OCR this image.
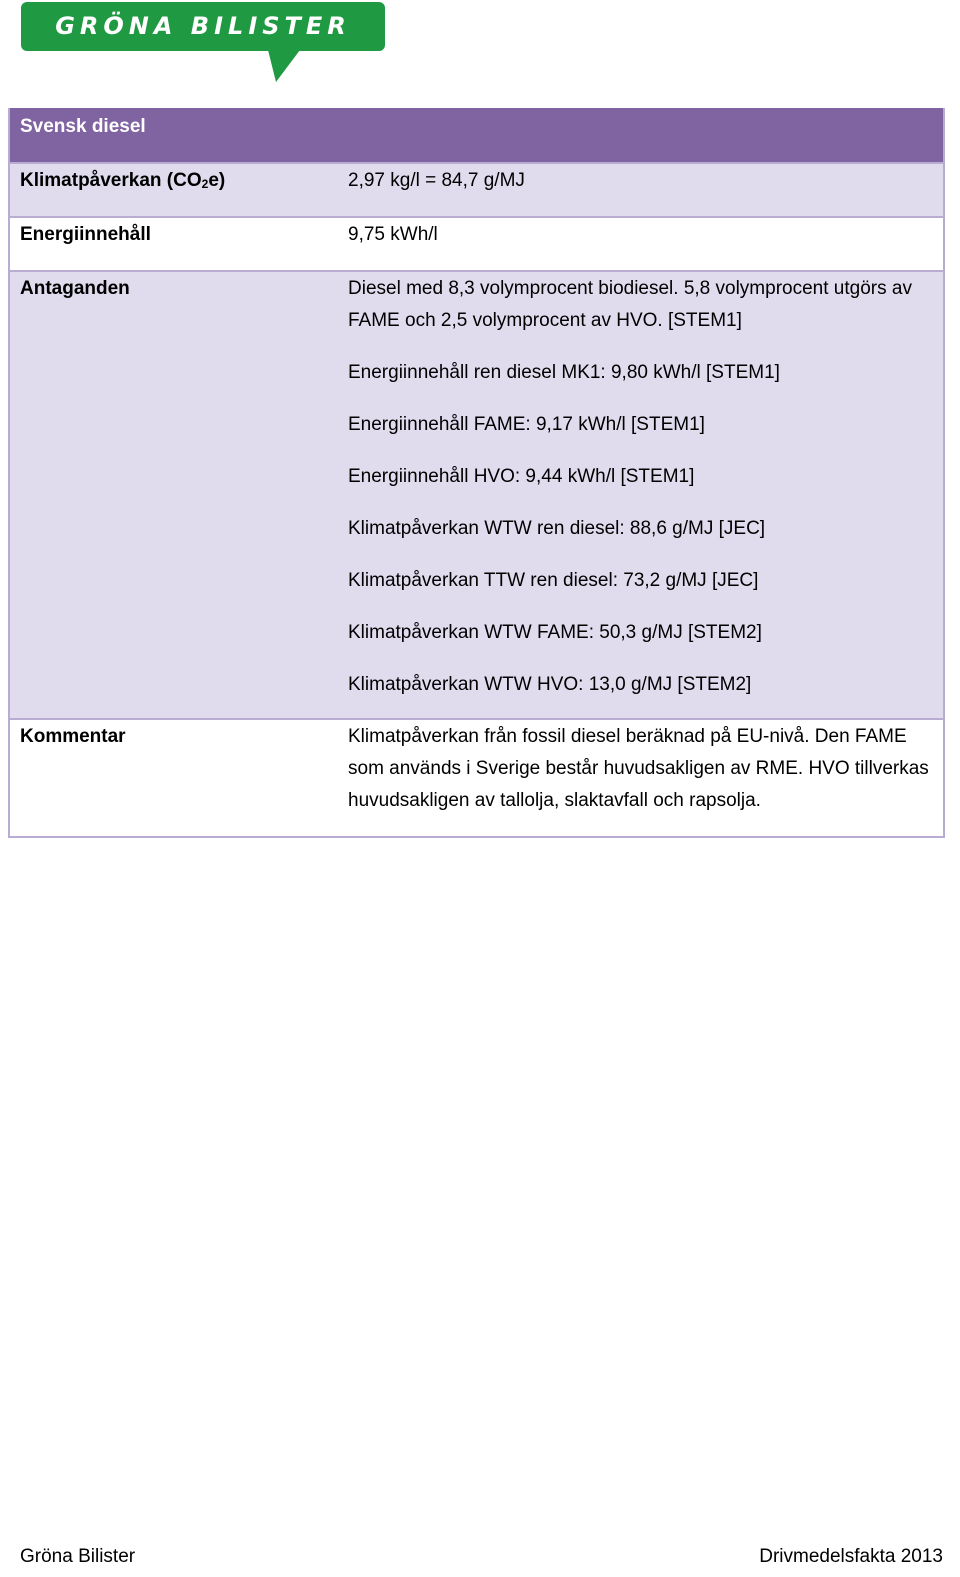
GRÖNA BILISTER
Svensk diesel
Klimatpåverkan $(CO_2e)$	2,97 kg/l = 84,7 g/MJ
Energiinnehåll	9,75 kWh/l
Antaganden	Diesel med 8,3 volymprocent biodiesel. 5,8 volymprocent utgörs av FAME och 2,5 volymprocent av HVO. [STEM1]

Energiinnehåll ren diesel MK1: 9,80 kWh/l [STEM1]

Energiinnehåll FAME: 9,17 kWh/l [STEM1]

Energiinnehåll HVO: 9,44 kWh/l [STEM1]

Klimatpåverkan WTW ren diesel: 88,6 g/MJ [JEC]

Klimatpåverkan TTW ren diesel: 73,2 g/MJ [JEC]

Klimatpåverkan WTW FAME: 50,3 g/MJ [STEM2]

Klimatpåverkan WTW HVO: 13,0 g/MJ [STEM2]

Kommentar	Klimatpåverkan från fossil diesel beräknad på EU-nivå. Den FAME som används i Sverige består huvudsakligen av RME. HVO tillverkas huvudsakligen av tallolja, slaktavfall och rapsolja.
Gröna Bilister	Drivmedelsfakta 2013
